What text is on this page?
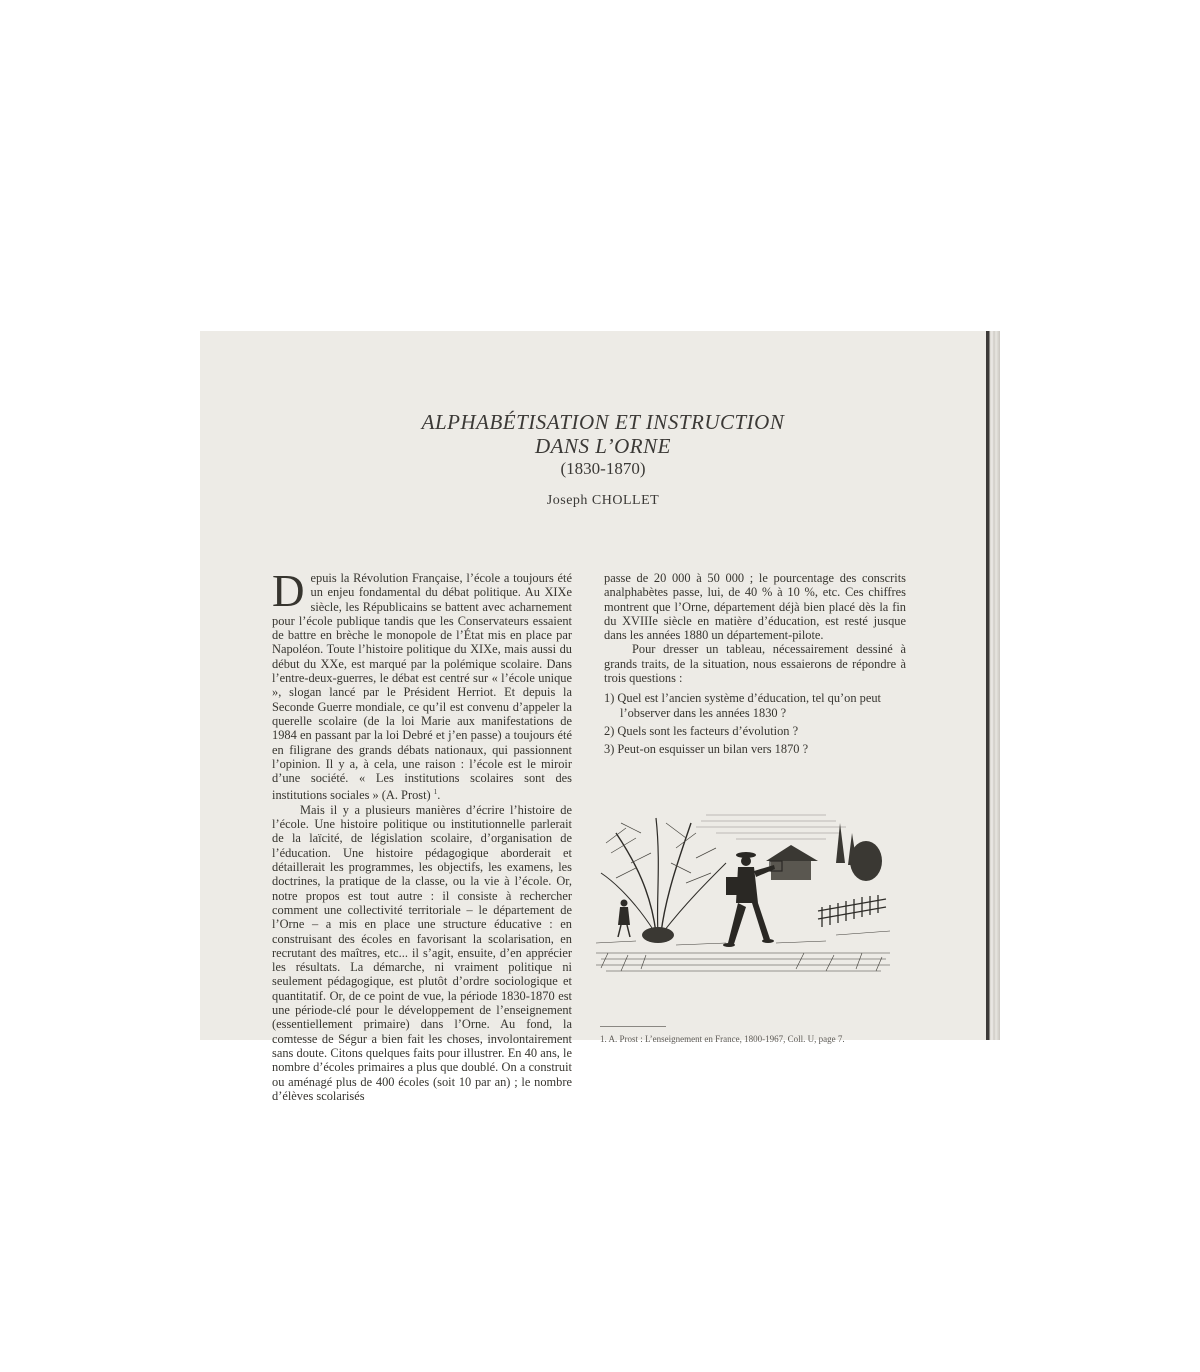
ALPHABÉTISATION ET INSTRUCTION
DANS L’ORNE
(1830-1870)
Joseph CHOLLET

Depuis la Révolution Française, l’école a toujours été un enjeu fondamental du débat politique. Au XIXe siècle, les Républicains se battent avec acharnement pour l’école publique tandis que les Conservateurs essaient de battre en brèche le monopole de l’État mis en place par Napoléon. Toute l’histoire politique du XIXe, mais aussi du début du XXe, est marqué par la polémique scolaire. Dans l’entre-deux-guerres, le débat est centré sur « l’école unique », slogan lancé par le Président Herriot. Et depuis la Seconde Guerre mondiale, ce qu’il est convenu d’appeler la querelle scolaire (de la loi Marie aux manifestations de 1984 en passant par la loi Debré et j’en passe) a toujours été en filigrane des grands débats nationaux, qui passionnent l’opinion. Il y a, à cela, une raison : l’école est le miroir d’une société. « Les institutions scolaires sont des institutions sociales » (A. Prost) $^1$.

Mais il y a plusieurs manières d’écrire l’histoire de l’école. Une histoire politique ou institutionnelle parlerait de la laïcité, de législation scolaire, d’organisation de l’éducation. Une histoire pédagogique aborderait et détaillerait les programmes, les objectifs, les examens, les doctrines, la pratique de la classe, ou la vie à l’école. Or, notre propos est tout autre : il consiste à rechercher comment une collectivité territoriale – le département de l’Orne – a mis en place une structure éducative : en construisant des écoles en favorisant la scolarisation, en recrutant des maîtres, etc... il s’agit, ensuite, d’en apprécier les résultats. La démarche, ni vraiment politique ni seulement pédagogique, est plutôt d’ordre sociologique et quantitatif. Or, de ce point de vue, la période 1830-1870 est une période-clé pour le développement de l’enseignement (essentiellement primaire) dans l’Orne. Au fond, la comtesse de Ségur a bien fait les choses, involontairement sans doute. Citons quelques faits pour illustrer. En 40 ans, le nombre d’écoles primaires a plus que doublé. On a construit ou aménagé plus de 400 écoles (soit 10 par an) ; le nombre d’élèves scolarisés

passe de 20 000 à 50 000 ; le pourcentage des conscrits analphabètes passe, lui, de 40 % à 10 %, etc. Ces chiffres montrent que l’Orne, département déjà bien placé dès la fin du XVIIIe siècle en matière d’éducation, est resté jusque dans les années 1880 un département-pilote.

Pour dresser un tableau, nécessairement dessiné à grands traits, de la situation, nous essaierons de répondre à trois questions :

1) Quel est l’ancien système d’éducation, tel qu’on peut l’observer dans les années 1830 ?
2) Quels sont les facteurs d’évolution ?
3) Peut-on esquisser un bilan vers 1870 ?
1. A. Prost : L’enseignement en France, 1800-1967, Coll. U, page 7.
